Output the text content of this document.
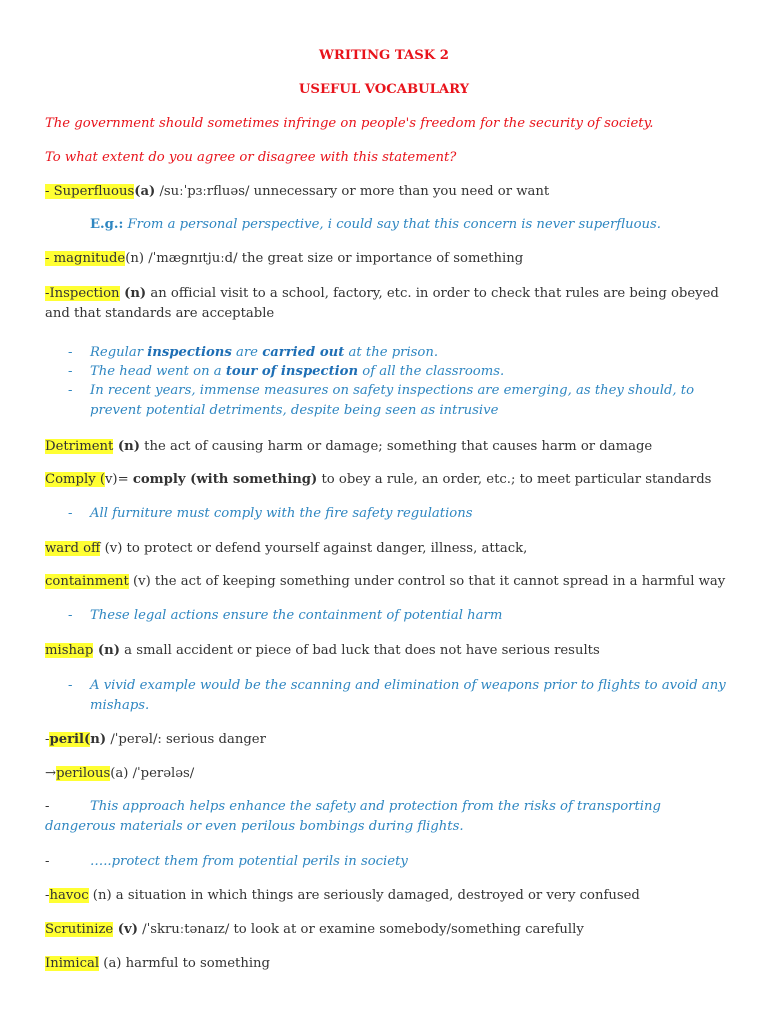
WRITING TASK 2
USEFUL VOCABULARY
The government should sometimes infringe on people's freedom for the security of society.
To what extent do you agree or disagree with this statement?
- Superfluous(a) /suːˈpɜːrfluəs/ unnecessary or more than you need or want
E.g.: From a personal perspective, i could say that this concern is never superfluous.
- magnitude(n) /ˈmæɡnɪtjuːd/ the great size or importance of something
-Inspection (n) an official visit to a school, factory, etc. in order to check that rules are being obeyed and that standards are acceptable
- Regular inspections are carried out at the prison.
- The head went on a tour of inspection of all the classrooms.
- In recent years, immense measures on safety inspections are emerging, as they should, to prevent potential detriments, despite being seen as intrusive
Detriment (n) the act of causing harm or damage; something that causes harm or damage
Comply (v)= comply (with something) to obey a rule, an order, etc.; to meet particular standards
- All furniture must comply with the fire safety regulations
ward off (v) to protect or defend yourself against danger, illness, attack,
containment (v) the act of keeping something under control so that it cannot spread in a harmful way
- These legal actions ensure the containment of potential harm
mishap (n) a small accident or piece of bad luck that does not have serious results
- A vivid example would be the scanning and elimination of weapons prior to flights to avoid any mishaps.
-peril(n) /ˈperəl/: serious danger
→perilous(a) /ˈperələs/
-	This approach helps enhance the safety and protection from the risks of transporting dangerous materials or even perilous bombings during flights.
-	…..protect them from potential perils in society
-havoc (n) a situation in which things are seriously damaged, destroyed or very confused
Scrutinize (v) /ˈskruːtənaɪz/ to look at or examine somebody/something carefully
Inimical (a) harmful to something
